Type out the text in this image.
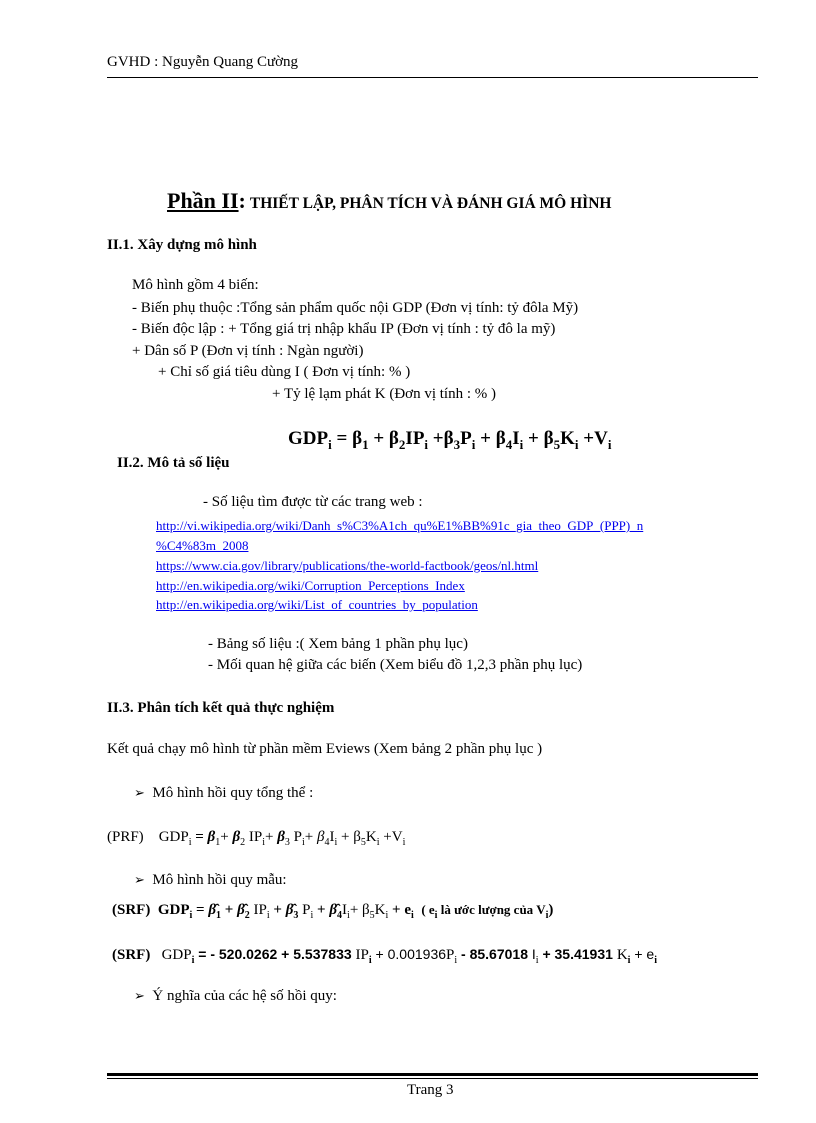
GVHD : Nguyễn Quang Cường
Phần II: THIẾT LẬP, PHÂN TÍCH VÀ ĐÁNH GIÁ MÔ HÌNH
II.1. Xây dựng mô hình
Mô hình gồm 4 biến:
- Biến phụ thuộc :Tổng sản phẩm quốc nội GDP (Đơn vị tính: tỷ đôla Mỹ)
- Biến độc lập : + Tổng giá trị nhập khẩu IP (Đơn vị tính : tỷ đô la mỹ)
+ Dân số P (Đơn vị tính : Ngàn người)
+ Chỉ số giá tiêu dùng I ( Đơn vị tính: % )
+ Tỷ lệ lạm phát K (Đơn vị tính : % )
$GDP_i = \beta_1 + \beta_2IP_i +\beta_3P_i + \beta_4I_i + \beta_5K_i +V_i$
II.2. Mô tả số liệu
- Số liệu tìm được từ các trang web :
http://vi.wikipedia.org/wiki/Danh_s%C3%A1ch_qu%E1%BB%91c_gia_theo_GDP_(PPP)_n
%C4%83m_2008
https://www.cia.gov/library/publications/the-world-factbook/geos/nl.html
http://en.wikipedia.org/wiki/Corruption_Perceptions_Index
http://en.wikipedia.org/wiki/List_of_countries_by_population
- Bảng số liệu :( Xem bảng 1 phần phụ lục)
- Mối quan hệ giữa các biến (Xem biểu đồ 1,2,3 phần phụ lục)
II.3. Phân tích kết quả thực nghiệm
Kết quả chạy mô hình từ phần mềm Eviews (Xem bảng 2 phần phụ lục )
➢ Mô hình hồi quy tổng thể :
(PRF) $GDP_i = \beta_1+ \beta_2$ $IP_i+ \beta_3$ $P_i+ \beta_4I_i + \beta_5K_i +V_i$
➢ Mô hình hồi quy mẫu:
(SRF) $GDP_i$ = $\betâ_1$ + $\betâ_2$ $IP_i$ + $\betâ_3$ $P_i$ + $\betâ_4I_i+ \beta_5K_i + e_i$ ( $e_i$ là ước lượng của $V_i$)
(SRF) $GDP_i$ = - 520.0262 + 5.537833 $IP_i + 0.001936P_i - 85.67018$ $I_i + 35.41931$ $K_i + e_i$
➢ Ý nghĩa của các hệ số hồi quy:
Trang 3
